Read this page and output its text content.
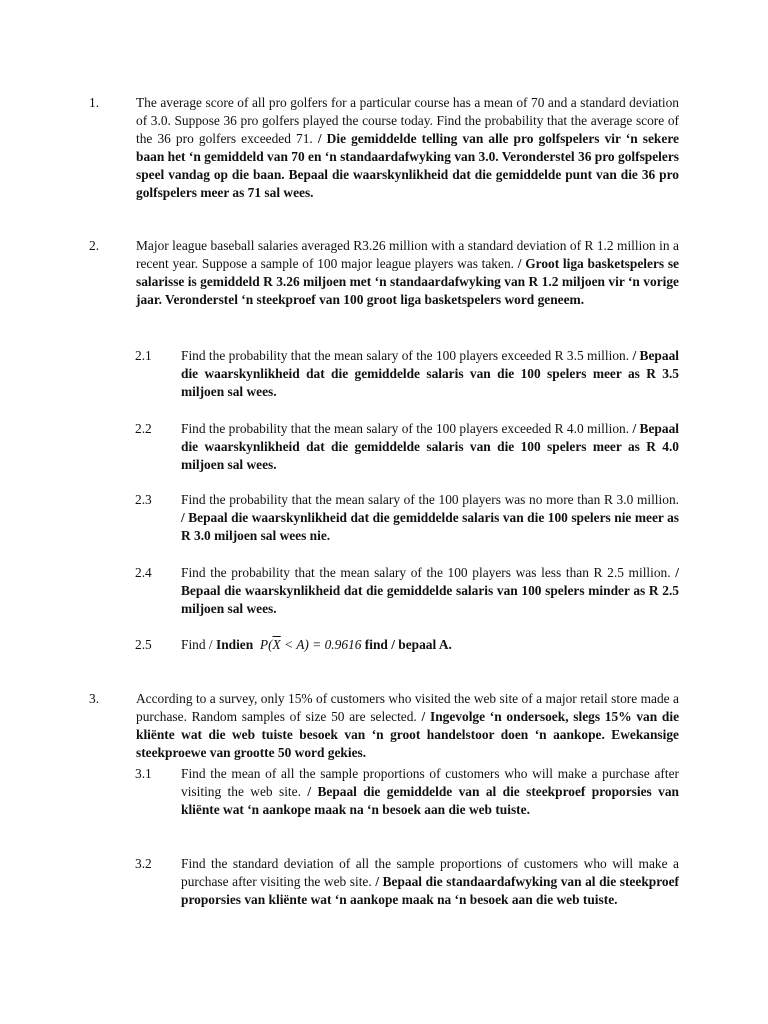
1.	The average score of all pro golfers for a particular course has a mean of 70 and a standard deviation of 3.0. Suppose 36 pro golfers played the course today. Find the probability that the average score of the 36 pro golfers exceeded 71. / Die gemiddelde telling van alle pro golfspelers vir ‘n sekere baan het ‘n gemiddeld van 70 en ‘n standaardafwyking van 3.0. Veronderstel 36 pro golfspelers speel vandag op die baan. Bepaal die waarskynlikheid dat die gemiddelde punt van die 36 pro golfspelers meer as 71 sal wees.
2.	Major league baseball salaries averaged R3.26 million with a standard deviation of R 1.2 million in a recent year. Suppose a sample of 100 major league players was taken. / Groot liga basketspelers se salarisse is gemiddeld R 3.26 miljoen met ‘n standaardafwyking van R 1.2 miljoen vir ‘n vorige jaar. Veronderstel ‘n steekproef van 100 groot liga basketspelers word geneem.
2.1 Find the probability that the mean salary of the 100 players exceeded R 3.5 million. / Bepaal die waarskynlikheid dat die gemiddelde salaris van die 100 spelers meer as R 3.5 miljoen sal wees.
2.2 Find the probability that the mean salary of the 100 players exceeded R 4.0 million. / Bepaal die waarskynlikheid dat die gemiddelde salaris van die 100 spelers meer as R 4.0 miljoen sal wees.
2.3 Find the probability that the mean salary of the 100 players was no more than R 3.0 million. / Bepaal die waarskynlikheid dat die gemiddelde salaris van die 100 spelers nie meer as R 3.0 miljoen sal wees nie.
2.4 Find the probability that the mean salary of the 100 players was less than R 2.5 million. / Bepaal die waarskynlikheid dat die gemiddelde salaris van 100 spelers minder as R 2.5 miljoen sal wees.
2.5 Find / Indien $P(\overline{X} < A) = 0.9616$ find / bepaal A.
3.	According to a survey, only 15% of customers who visited the web site of a major retail store made a purchase. Random samples of size 50 are selected. / Ingevolge ‘n ondersoek, slegs 15% van die kliënte wat die web tuiste besoek van ‘n groot handelstoor doen ‘n aankope. Ewekansige steekproewe van grootte 50 word gekies.
3.1 Find the mean of all the sample proportions of customers who will make a purchase after visiting the web site. / Bepaal die gemiddelde van al die steekproef proporsies van kliënte wat ‘n aankope maak na ‘n besoek aan die web tuiste.
3.2 Find the standard deviation of all the sample proportions of customers who will make a purchase after visiting the web site. / Bepaal die standaardafwyking van al die steekproef proporsies van kliënte wat ‘n aankope maak na ‘n besoek aan die web tuiste.
